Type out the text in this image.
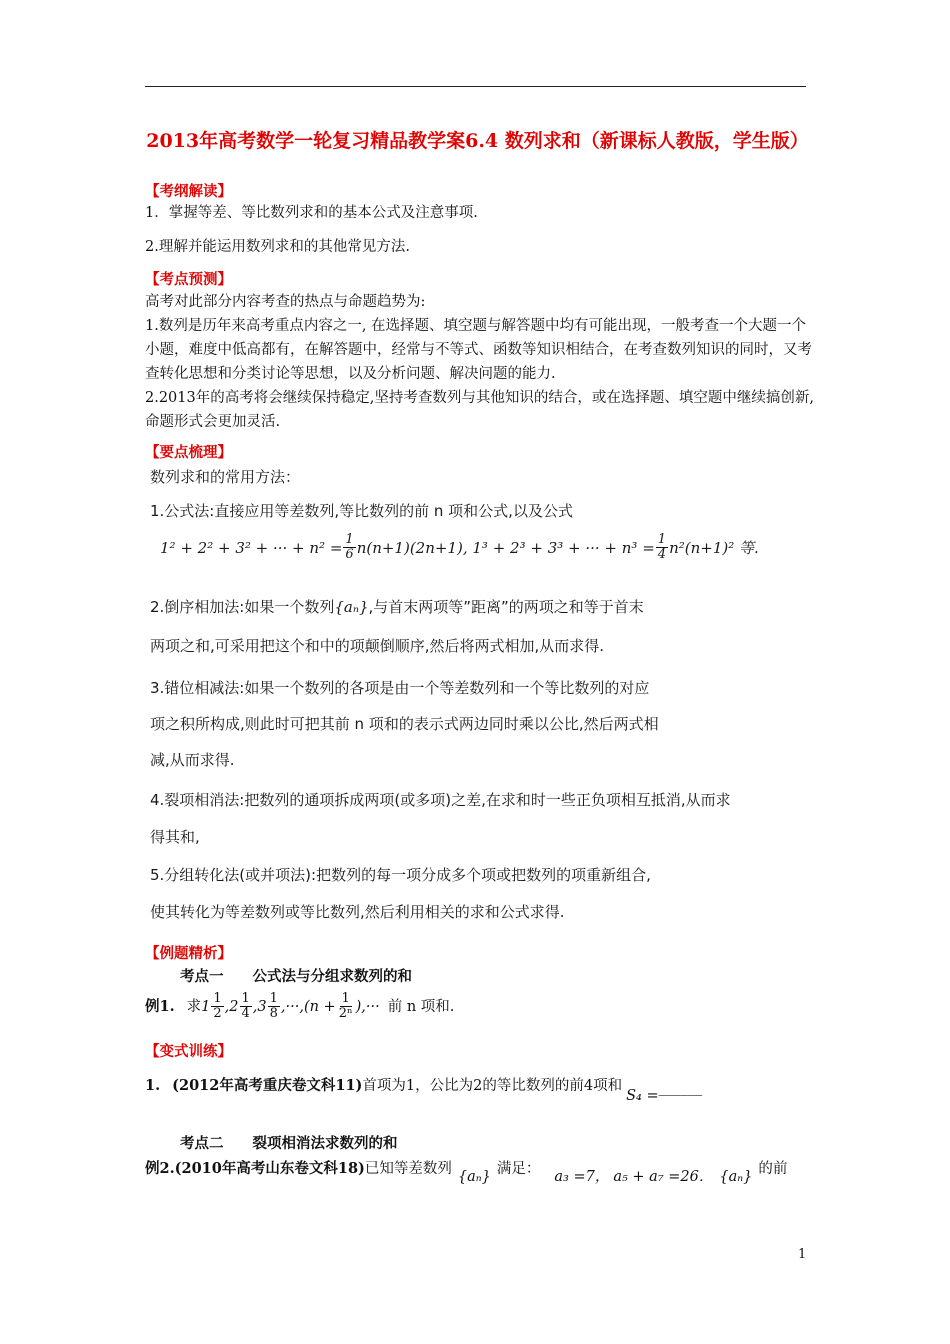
2013年高考数学一轮复习精品教学案6.4 数列求和（新课标人教版，学生版）
【考纲解读】
1．掌握等差、等比数列求和的基本公式及注意事项.
2.理解并能运用数列求和的其他常见方法.
【考点预测】
高考对此部分内容考查的热点与命题趋势为:
1.数列是历年来高考重点内容之一, 在选择题、填空题与解答题中均有可能出现，一般考查一个大题一个小题，难度中低高都有，在解答题中，经常与不等式、函数等知识相结合，在考查数列知识的同时，又考查转化思想和分类讨论等思想，以及分析问题、解决问题的能力.
2.2013年的高考将会继续保持稳定,坚持考查数列与其他知识的结合，或在选择题、填空题中继续搞创新,命题形式会更加灵活.
【要点梳理】
数列求和的常用方法：
1.公式法:直接应用等差数列,等比数列的前 n 项和公式,以及公式
1² + 2² + 3² + ··· + $n^2 = \frac{1}{6} n(n+1)(2n+1)$, 1³ + 2³ + 3³ + ··· + $n^3 = \frac{1}{4} n^2(n+1)^2$ 等.
2.倒序相加法:如果一个数列{aₙ},与首末两项等”距离”的两项之和等于首末
两项之和,可采用把这个和中的项颠倒顺序,然后将两式相加,从而求得.
3.错位相减法:如果一个数列的各项是由一个等差数列和一个等比数列的对应
项之积所构成,则此时可把其前 n 项和的表示式两边同时乘以公比,然后两式相
减,从而求得.
4.裂项相消法:把数列的通项拆成两项(或多项)之差,在求和时一些正负项相互抵消,从而求
得其和,
5.分组转化法(或并项法):把数列的每一项分成多个项或把数列的项重新组合,
使其转化为等差数列或等比数列,然后利用相关的求和公式求得.
【例题精析】
考点一　　公式法与分组求数列的和
例1. 求 $1 \frac{1}{2} ,2 \frac{1}{4} ,3 \frac{1}{8} ,\cdot\cdot\cdot,(n + \frac{1}{\text{2ⁿ}}$ ),··· 前 n 项和.
【变式训练】
1. (2012年高考重庆卷文科11) 首项为1，公比为2的等比数列的前4项和
S₄ = ______
考点二　　裂项相消法求数列的和
例2. (2010年高考山东卷文科18) 已知等差数列 {aₙ} 满足： a₃ =7， a₅ + a₇ =26． {aₙ} 的前
1
